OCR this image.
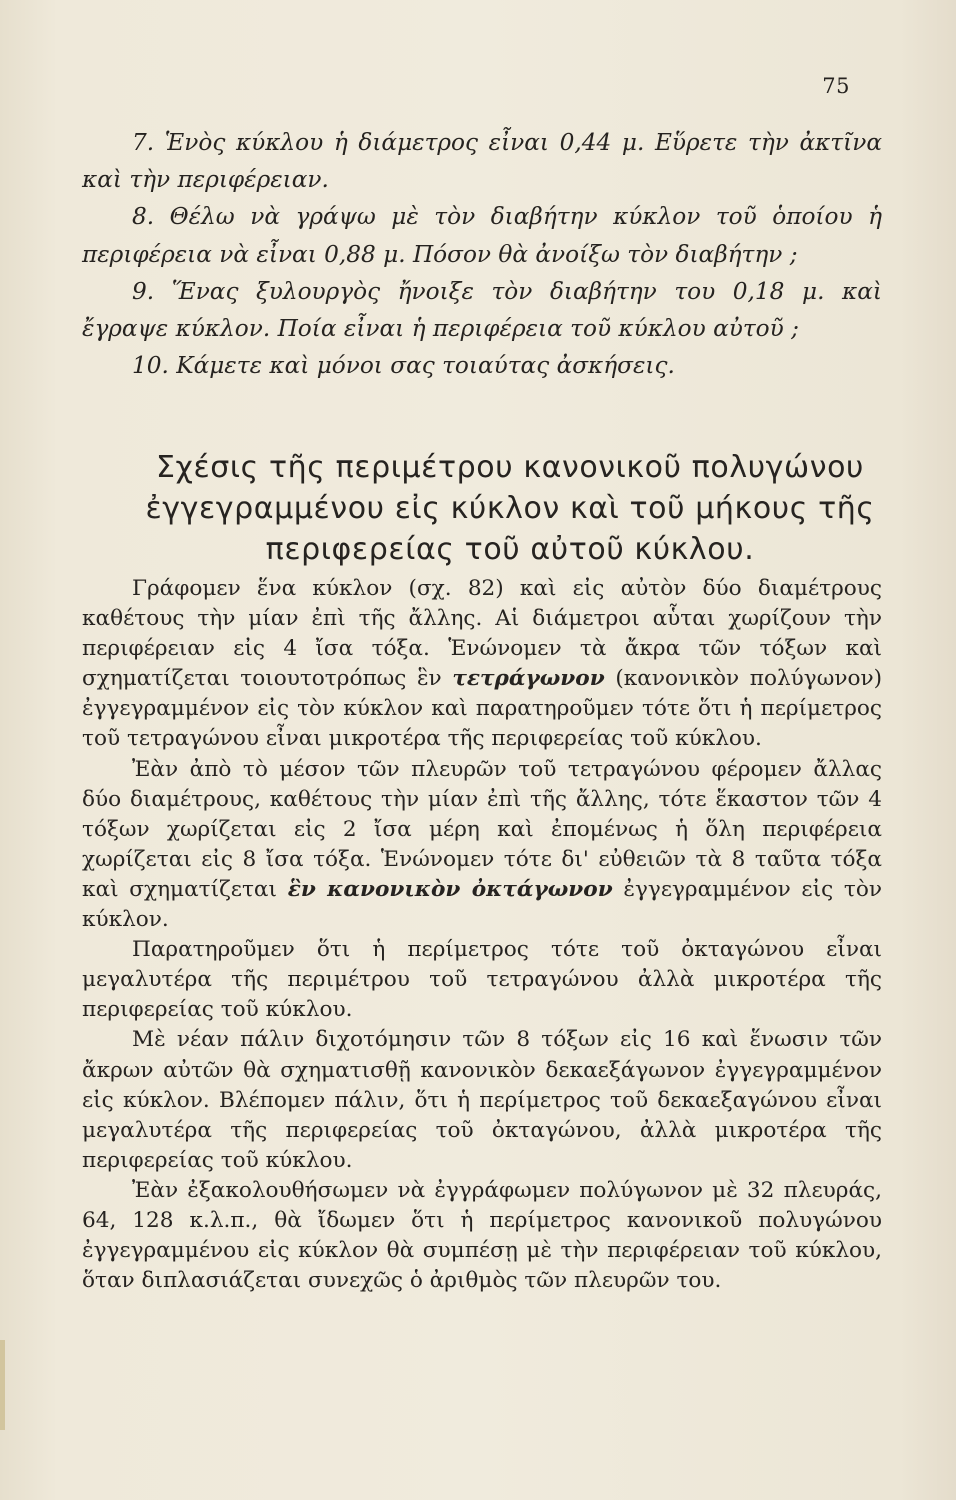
75

7. Ἑνὸς κύκλου ἡ διάμετρος εἶναι 0,44 μ. Εὕρετε τὴν ἀκτῖνα καὶ τὴν περιφέρειαν.

8. Θέλω νὰ γράψω μὲ τὸν διαβήτην κύκλον τοῦ ὁποίου ἡ περιφέρεια νὰ εἶναι 0,88 μ. Πόσον θὰ ἀνοίξω τὸν διαβήτην ;

9. Ἕνας ξυλουργὸς ἤνοιξε τὸν διαβήτην του 0,18 μ. καὶ ἔγραψε κύκλον. Ποία εἶναι ἡ περιφέρεια τοῦ κύκλου αὐτοῦ ;

10. Κάμετε καὶ μόνοι σας τοιαύτας ἀσκήσεις.

Σχέσις τῆς περιμέτρου κανονικοῦ πολυγώνου ἐγγεγραμμένου εἰς κύκλον καὶ τοῦ μήκους τῆς περιφερείας τοῦ αὐτοῦ κύκλου.

Γράφομεν ἕνα κύκλον (σχ. 82) καὶ εἰς αὐτὸν δύο διαμέτρους καθέτους τὴν μίαν ἐπὶ τῆς ἄλλης. Αἱ διάμετροι αὗται χωρίζουν τὴν περιφέρειαν εἰς 4 ἴσα τόξα. Ἑνώνομεν τὰ ἄκρα τῶν τόξων καὶ σχηματίζεται τοιουτοτρόπως ἓν τετράγωνον (κανονικὸν πολύγωνον) ἐγγεγραμμένον εἰς τὸν κύκλον καὶ παρατηροῦμεν τότε ὅτι ἡ περίμετρος τοῦ τετραγώνου εἶναι μικροτέρα τῆς περιφερείας τοῦ κύκλου.

Ἐὰν ἀπὸ τὸ μέσον τῶν πλευρῶν τοῦ τετραγώνου φέρομεν ἄλλας δύο διαμέτρους, καθέτους τὴν μίαν ἐπὶ τῆς ἄλλης, τότε ἕκαστον τῶν 4 τόξων χωρίζεται εἰς 2 ἴσα μέρη καὶ ἐπομένως ἡ ὅλη περιφέρεια χωρίζεται εἰς 8 ἴσα τόξα. Ἑνώνομεν τότε δι' εὐθειῶν τὰ 8 ταῦτα τόξα καὶ σχηματίζεται ἓν κανονικὸν ὀκτάγωνον ἐγγεγραμμένον εἰς τὸν κύκλον.

Παρατηροῦμεν ὅτι ἡ περίμετρος τότε τοῦ ὀκταγώνου εἶναι μεγαλυτέρα τῆς περιμέτρου τοῦ τετραγώνου ἀλλὰ μικροτέρα τῆς περιφερείας τοῦ κύκλου.

Μὲ νέαν πάλιν διχοτόμησιν τῶν 8 τόξων εἰς 16 καὶ ἕνωσιν τῶν ἄκρων αὐτῶν θὰ σχηματισθῇ κανονικὸν δεκαεξάγωνον ἐγγεγραμμένον εἰς κύκλον. Βλέπομεν πάλιν, ὅτι ἡ περίμετρος τοῦ δεκαεξαγώνου εἶναι μεγαλυτέρα τῆς περιφερείας τοῦ ὀκταγώνου, ἀλλὰ μικροτέρα τῆς περιφερείας τοῦ κύκλου.

Ἐὰν ἐξακολουθήσωμεν νὰ ἐγγράφωμεν πολύγωνον μὲ 32 πλευράς, 64, 128 κ.λ.π., θὰ ἴδωμεν ὅτι ἡ περίμετρος κανονικοῦ πολυγώνου ἐγγεγραμμένου εἰς κύκλον θὰ συμπέσῃ μὲ τὴν περιφέρειαν τοῦ κύκλου, ὅταν διπλασιάζεται συνεχῶς ὁ ἀριθμὸς τῶν πλευρῶν του.
